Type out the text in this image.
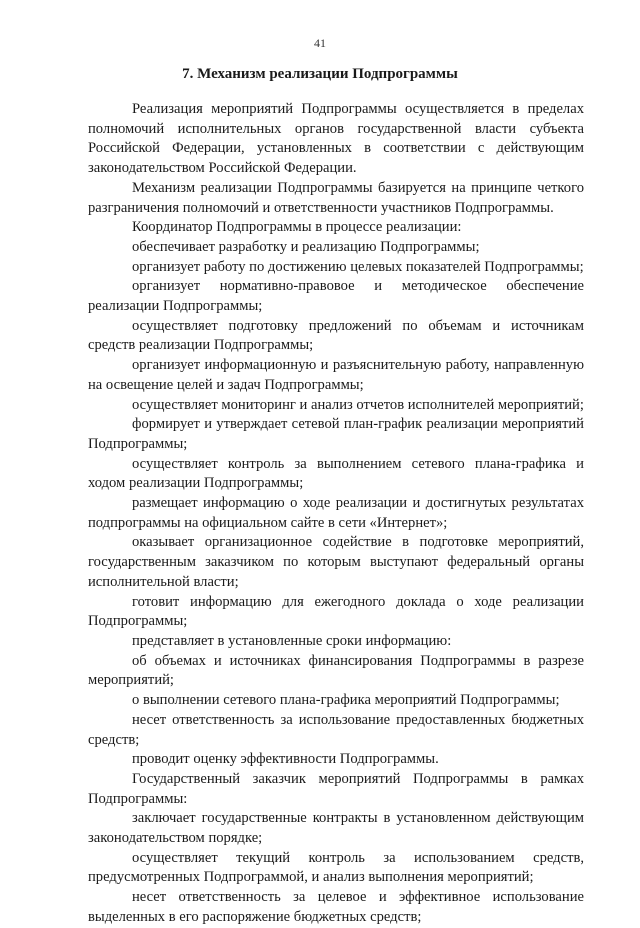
41
7. Механизм реализации Подпрограммы

Реализация мероприятий Подпрограммы осуществляется в пределах полномочий исполнительных органов государственной власти субъекта Российской Федерации, установленных в соответствии с действующим законодательством Российской Федерации.

Механизм реализации Подпрограммы базируется на принципе четкого разграничения полномочий и ответственности участников Подпрограммы.

Координатор Подпрограммы в процессе реализации:

обеспечивает разработку и реализацию Подпрограммы;

организует работу по достижению целевых показателей Подпрограммы;

организует нормативно-правовое и методическое обеспечение реализации Подпрограммы;

осуществляет подготовку предложений по объемам и источникам средств реализации Подпрограммы;

организует информационную и разъяснительную работу, направленную на освещение целей и задач Подпрограммы;

осуществляет мониторинг и анализ отчетов исполнителей мероприятий;

формирует и утверждает сетевой план-график реализации мероприятий Подпрограммы;

осуществляет контроль за выполнением сетевого плана-графика и ходом реализации Подпрограммы;

размещает информацию о ходе реализации и достигнутых результатах подпрограммы на официальном сайте в сети «Интернет»;

оказывает организационное содействие в подготовке мероприятий, государственным заказчиком по которым выступают федеральный органы исполнительной власти;

готовит информацию для ежегодного доклада о ходе реализации Подпрограммы;

представляет в установленные сроки информацию:

об объемах и источниках финансирования Подпрограммы в разрезе мероприятий;

о выполнении сетевого плана-графика мероприятий Подпрограммы;

несет ответственность за использование предоставленных бюджетных средств;

проводит оценку эффективности Подпрограммы.

Государственный заказчик мероприятий Подпрограммы в рамках Подпрограммы:

заключает государственные контракты в установленном действующим законодательством порядке;

осуществляет текущий контроль за использованием средств, предусмотренных Подпрограммой, и анализ выполнения мероприятий;

несет ответственность за целевое и эффективное использование выделенных в его распоряжение бюджетных средств;
